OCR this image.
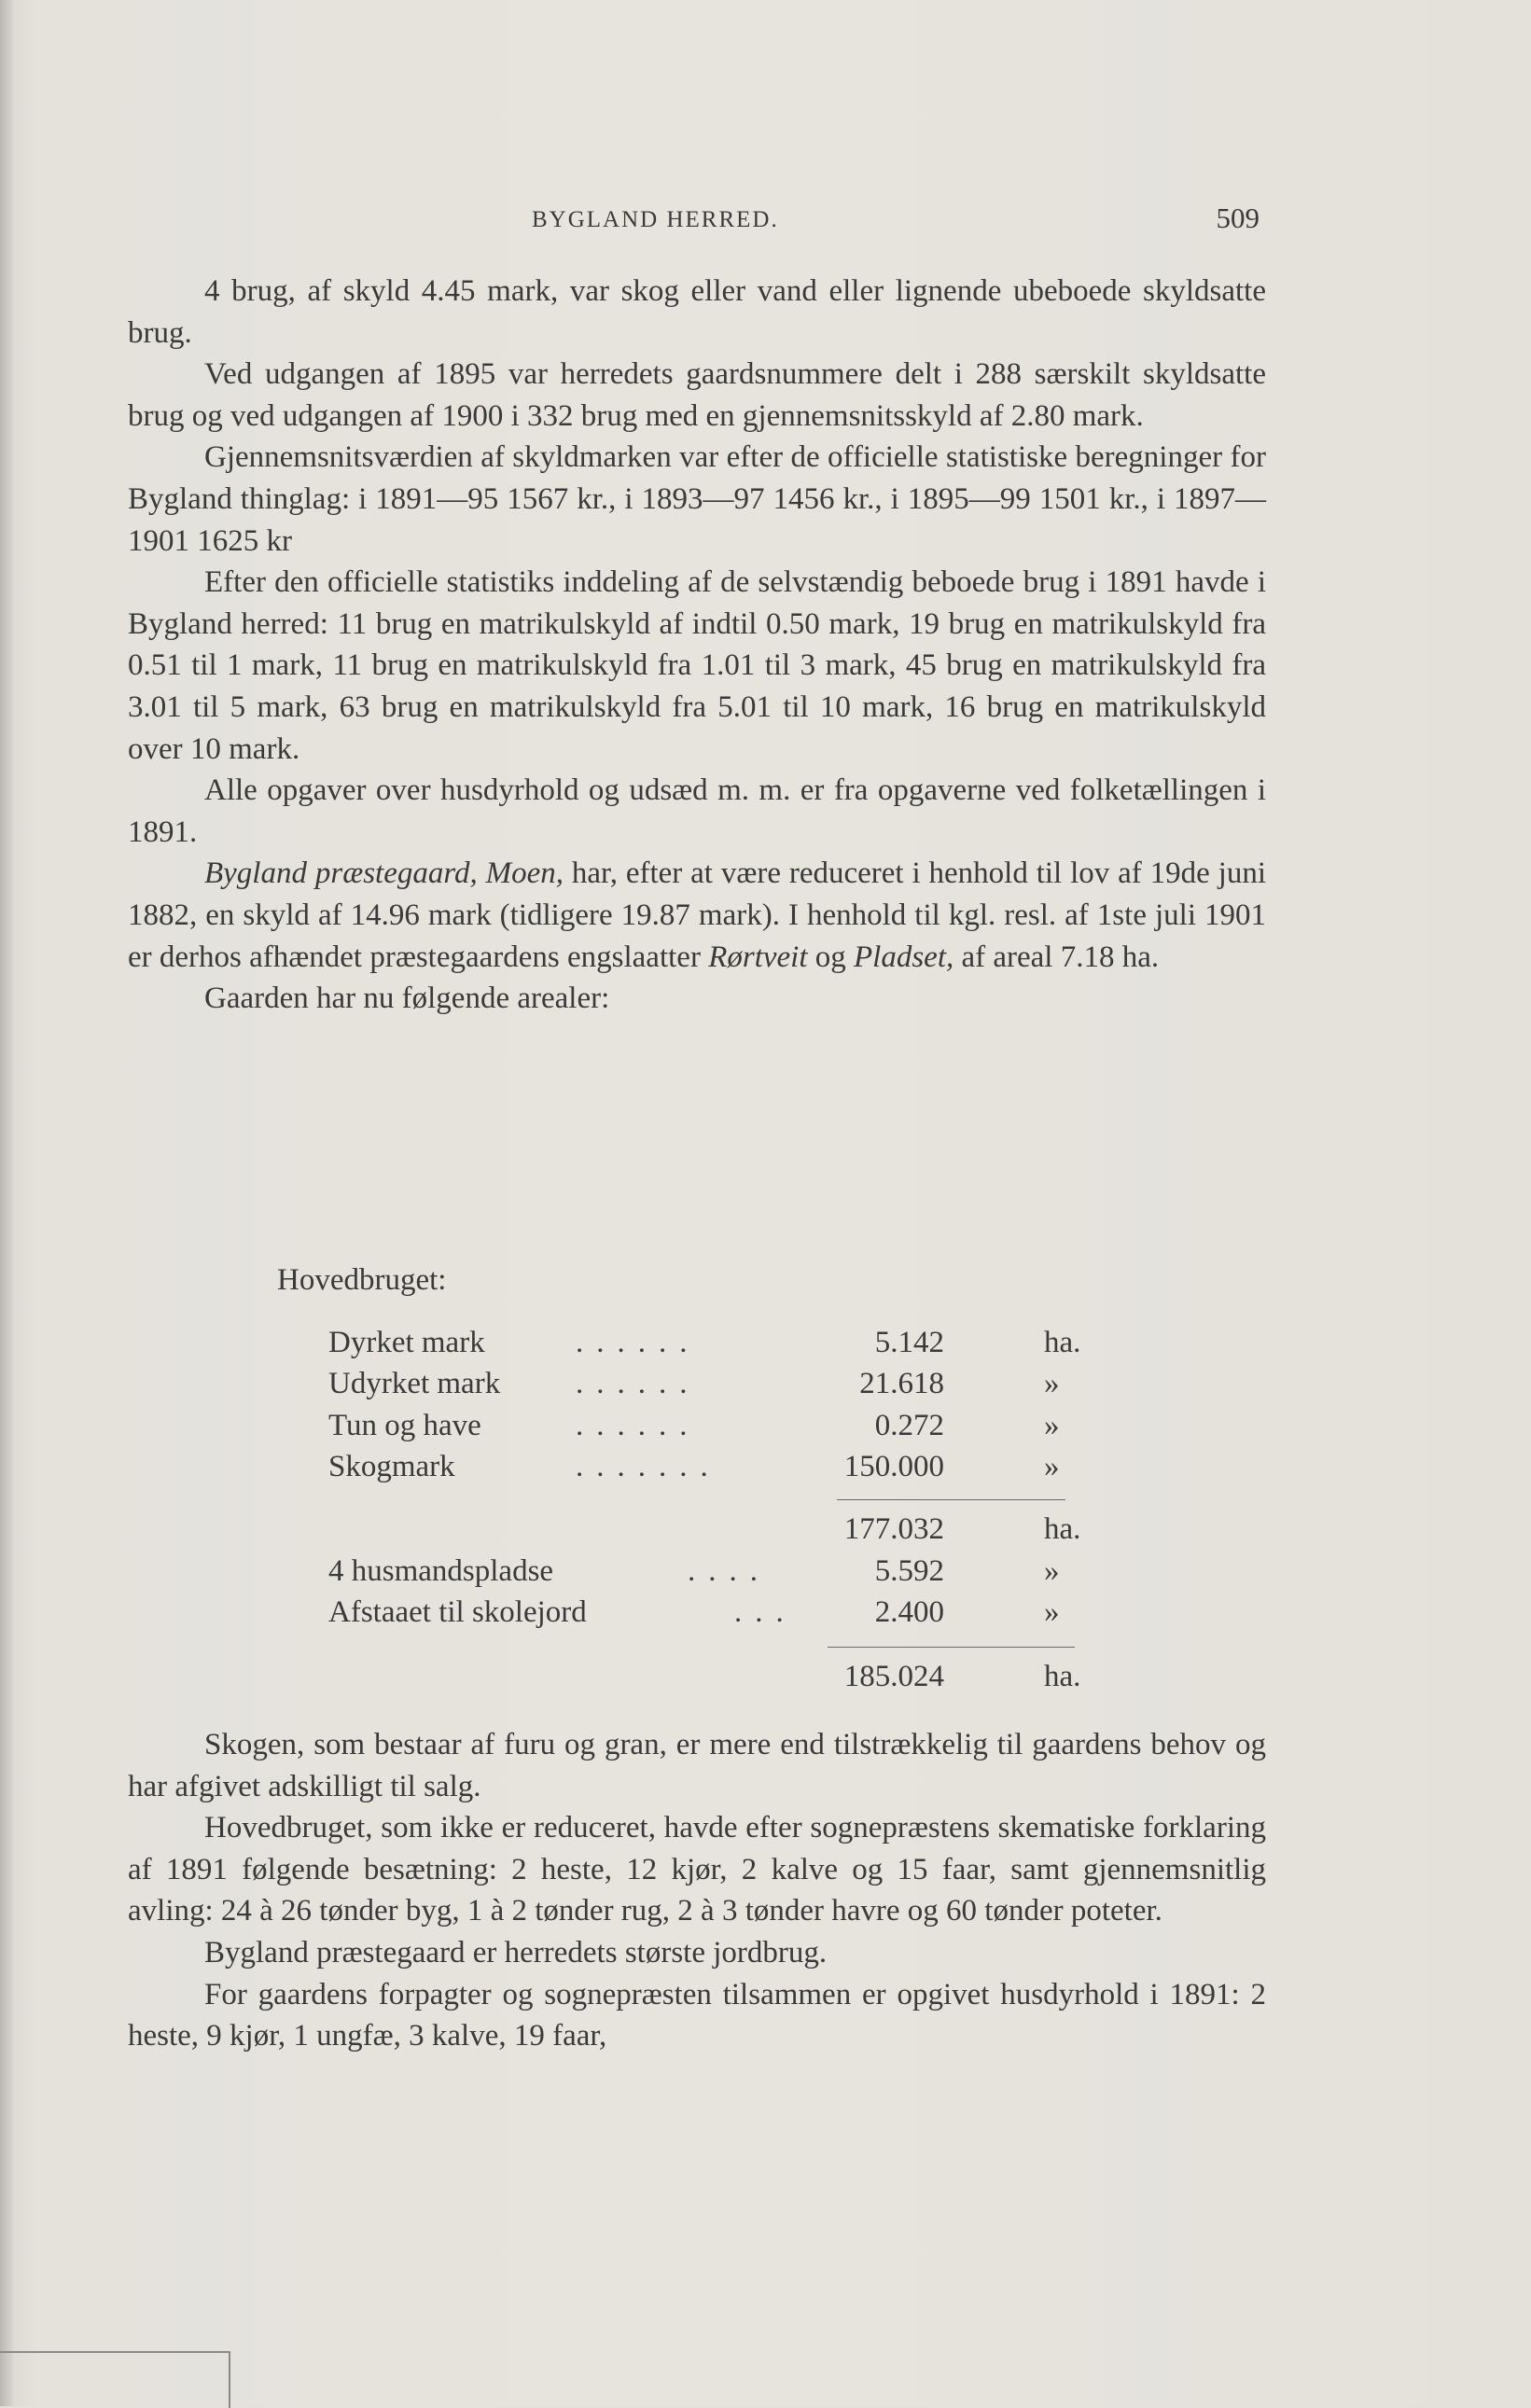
BYGLAND HERRED.	509

4 brug, af skyld 4.45 mark, var skog eller vand eller lignende ubeboede skyldsatte brug.

Ved udgangen af 1895 var herredets gaardsnummere delt i 288 særskilt skyldsatte brug og ved udgangen af 1900 i 332 brug med en gjennemsnitsskyld af 2.80 mark.

Gjennemsnitsværdien af skyldmarken var efter de officielle statistiske beregninger for Bygland thinglag: i 1891—95 1567 kr., i 1893—97 1456 kr., i 1895—99 1501 kr., i 1897—1901 1625 kr

Efter den officielle statistiks inddeling af de selvstændig beboede brug i 1891 havde i Bygland herred: 11 brug en matrikulskyld af indtil 0.50 mark, 19 brug en matrikulskyld fra 0.51 til 1 mark, 11 brug en matrikulskyld fra 1.01 til 3 mark, 45 brug en matrikulskyld fra 3.01 til 5 mark, 63 brug en matrikulskyld fra 5.01 til 10 mark, 16 brug en matrikulskyld over 10 mark.

Alle opgaver over husdyrhold og udsæd m. m. er fra opgaverne ved folketællingen i 1891.

Bygland præstegaard, Moen, har, efter at være reduceret i henhold til lov af 19de juni 1882, en skyld af 14.96 mark (tidligere 19.87 mark). I henhold til kgl. resl. af 1ste juli 1901 er derhos afhændet præstegaardens engslaatter Rørtveit og Pladset, af areal 7.18 ha.

Gaarden har nu følgende arealer:

Hovedbruget:
Dyrket mark	......	5.142	ha.
Udyrket mark ......	21.618	»
Tun og have	......	0.272	»
Skogmark	.......	150.000	»
177.032	ha.
4 husmandspladse	....	5.592	»
Afstaaet til skolejord	...	2.400	»
185.024	ha.

Skogen, som bestaar af furu og gran, er mere end tilstrækkelig til gaardens behov og har afgivet adskilligt til salg.

Hovedbruget, som ikke er reduceret, havde efter sognepræstens skematiske forklaring af 1891 følgende besætning: 2 heste, 12 kjør, 2 kalve og 15 faar, samt gjennemsnitlig avling: 24 à 26 tønder byg, 1 à 2 tønder rug, 2 à 3 tønder havre og 60 tønder poteter.

Bygland præstegaard er herredets største jordbrug.

For gaardens forpagter og sognepræsten tilsammen er opgivet husdyrhold i 1891: 2 heste, 9 kjør, 1 ungfæ, 3 kalve, 19 faar,
